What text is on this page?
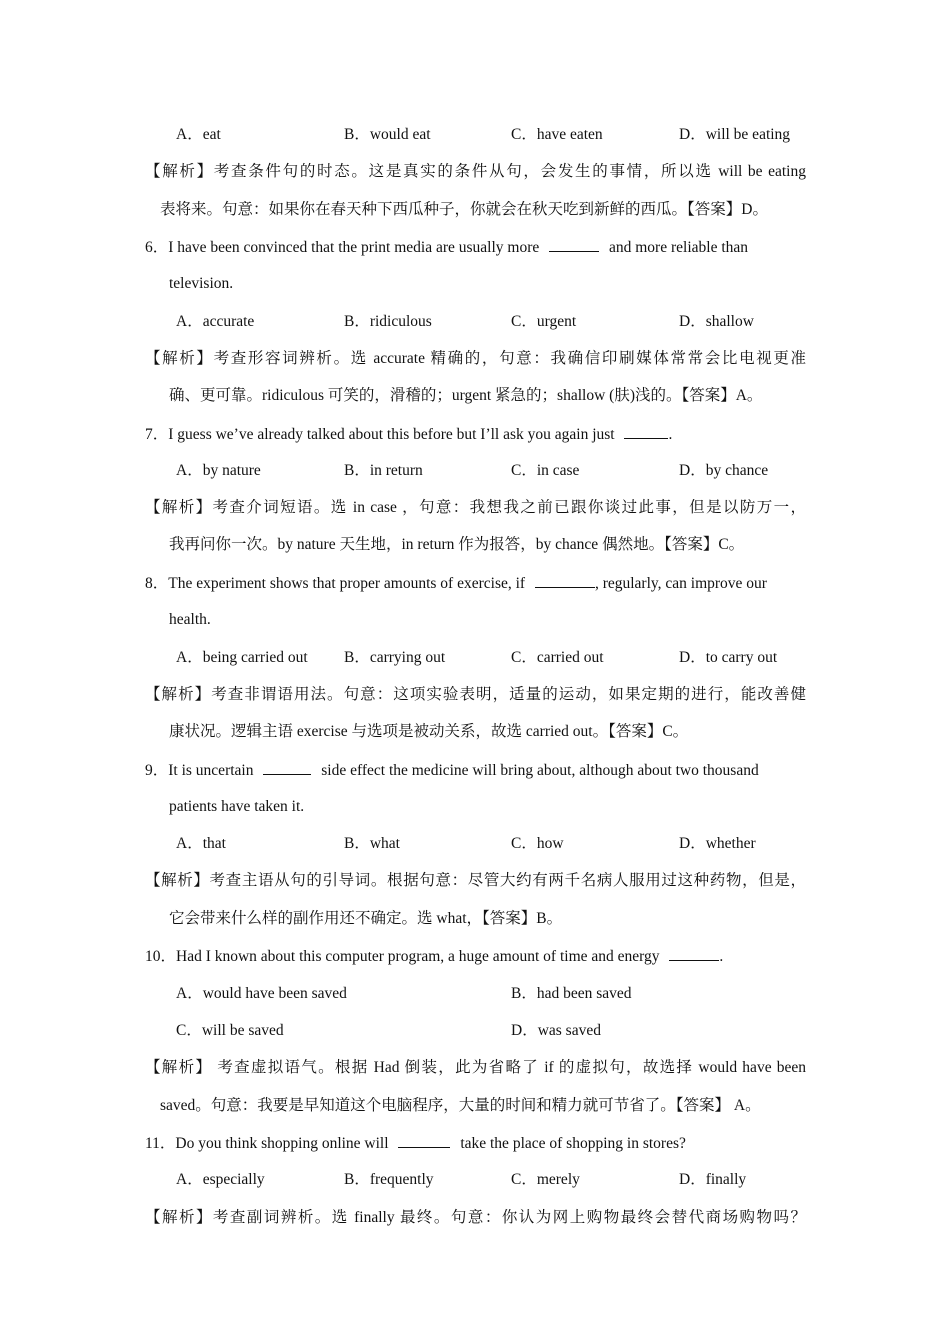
A．eat	B．would eat	C．have eaten	D．will be eating
【解析】考查条件句的时态。这是真实的条件从句，会发生的事情，所以选 will be eating
表将来。句意：如果你在春天种下西瓜种子，你就会在秋天吃到新鲜的西瓜。【答案】D。
6．I have been convinced that the print media are usually more	and more reliable than
television.
A．accurate	B．ridiculous	C．urgent	D．shallow
【解析】考查形容词辨析。选 accurate 精确的，句意：我确信印刷媒体常常会比电视更准
确、更可靠。ridiculous 可笑的，滑稽的；urgent 紧急的；shallow (肤)浅的。【答案】A。
7．I guess we’ve already talked about this before but I’ll ask you again just	.
A．by nature	B．in return	C．in case	D．by chance
【解析】考查介词短语。选 in case ，句意：我想我之前已跟你谈过此事，但是以防万一，
我再问你一次。by nature 天生地，in return 作为报答，by chance 偶然地。【答案】C。
8．The experiment shows that proper amounts of exercise, if	, regularly, can improve our
health.
A．being carried out B．carrying out	C．carried out	D．to carry out
【解析】考查非谓语用法。句意：这项实验表明，适量的运动，如果定期的进行，能改善健
康状况。逻辑主语 exercise 与选项是被动关系，故选 carried out。【答案】C。
9．It is uncertain	side effect the medicine will bring about, although about two thousand
patients have taken it.
A．that	B．what	C．how	D．whether
【解析】考查主语从句的引导词。根据句意：尽管大约有两千名病人服用过这种药物，但是，
它会带来什么样的副作用还不确定。选 what，【答案】B。
10．Had I known about this computer program, a huge amount of time and energy	.
A．would have been saved	B．had been saved
C．will be saved	D．was saved
【解析】 考查虚拟语气。根据 Had 倒装，此为省略了 if 的虚拟句，故选择 would have been
saved。句意：我要是早知道这个电脑程序，大量的时间和精力就可节省了。【答案】 A。
11．Do you think shopping online will	take the place of shopping in stores?
A．especially	B．frequently	C．merely	D．finally
【解析】考查副词辨析。选 finally 最终。句意：你认为网上购物最终会替代商场购物吗？
